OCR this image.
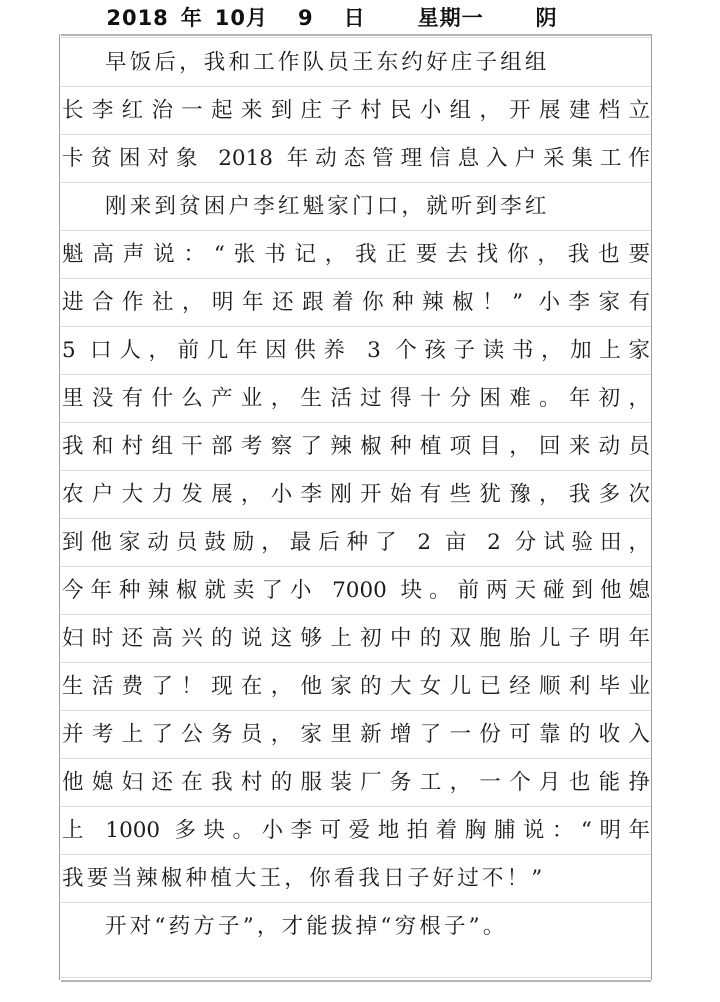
2018 年 10 月 9 日 星期一 阴
早饭后，我和工作队员王东约好庄子组组
长李红治一起来到庄子村民小组，开展建档立
卡贫困对象 2018 年动态管理信息入户采集工作
刚来到贫困户李红魁家门口，就听到李红
魁高声说：“张书记，我正要去找你，我也要
进合作社，明年还跟着你种辣椒！” 小李家有
5 口人，前几年因供养 3 个孩子读书，加上家
里没有什么产业，生活过得十分困难。年初，
我和村组干部考察了辣椒种植项目，回来动员
农户大力发展，小李刚开始有些犹豫，我多次
到他家动员鼓励，最后种了 2 亩 2 分试验田，
今年种辣椒就卖了小 7000 块。前两天碰到他媳
妇时还高兴的说这够上初中的双胞胎儿子明年
生活费了！现在，他家的大女儿已经顺利毕业
并考上了公务员，家里新增了一份可靠的收入
他媳妇还在我村的服装厂务工，一个月也能挣
上 1000 多块。小李可爱地拍着胸脯说：“明年
我要当辣椒种植大王，你看我日子好过不！”
开对“药方子”，才能拔掉“穷根子”。
